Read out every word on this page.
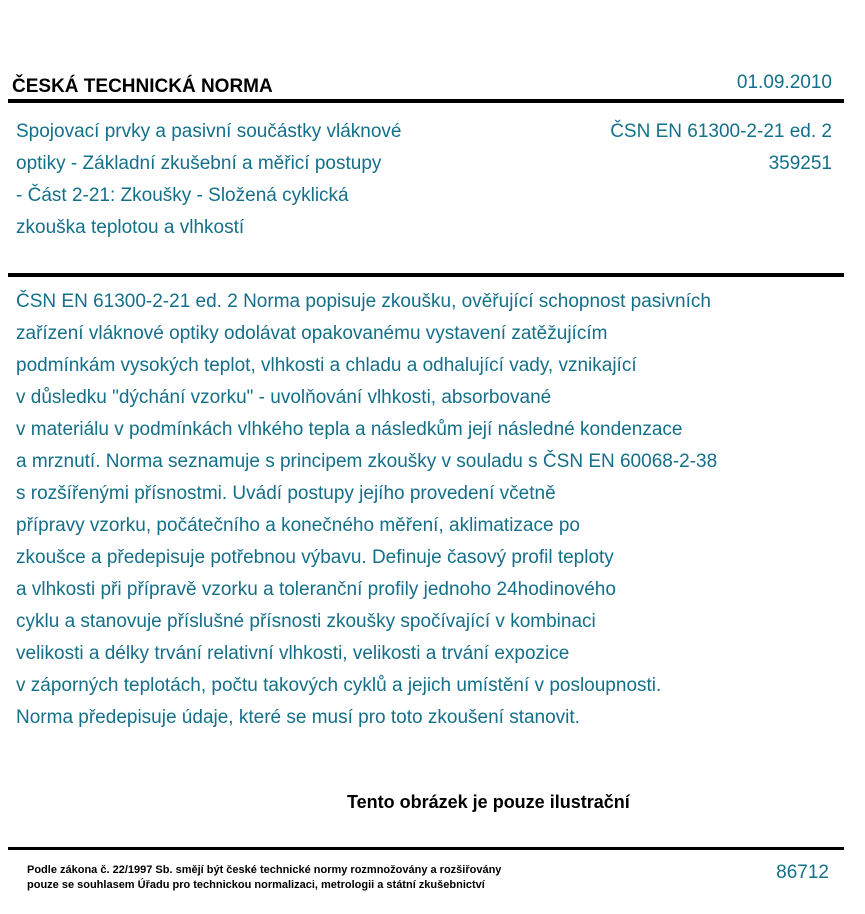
ČESKÁ TECHNICKÁ NORMA	01.09.2010
Spojovací prvky a pasivní součástky vláknové
optiky - Základní zkušební a měřicí postupy
- Část 2-21: Zkoušky - Složená cyklická
zkouška teplotou a vlhkostí
ČSN EN 61300-2-21 ed. 2
359251
ČSN EN 61300-2-21 ed. 2 Norma popisuje zkoušku, ověřující schopnost pasivních
zařízení vláknové optiky odolávat opakovanému vystavení zatěžujícím
podmínkám vysokých teplot, vlhkosti a chladu a odhalující vady, vznikající
v důsledku "dýchání vzorku" - uvolňování vlhkosti, absorbované
v materiálu v podmínkách vlhkého tepla a následkům její následné kondenzace
a mrznutí. Norma seznamuje s principem zkoušky v souladu s ČSN EN 60068-2-38
s rozšířenými přísnostmi. Uvádí postupy jejího provedení včetně
přípravy vzorku, počátečního a konečného měření, aklimatizace po
zkoušce a předepisuje potřebnou výbavu. Definuje časový profil teploty
a vlhkosti při přípravě vzorku a toleranční profily jednoho 24hodinového
cyklu a stanovuje příslušné přísnosti zkoušky spočívající v kombinaci
velikosti a délky trvání relativní vlhkosti, velikosti a trvání expozice
v záporných teplotách, počtu takových cyklů a jejich umístění v posloupnosti.
Norma předepisuje údaje, které se musí pro toto zkoušení stanovit.
Tento obrázek je pouze ilustrační
Podle zákona č. 22/1997 Sb. smějí být české technické normy rozmnožovány a rozšiřovány
pouze se souhlasem Úřadu pro technickou normalizaci, metrologii a státní zkušebnictví
86712
